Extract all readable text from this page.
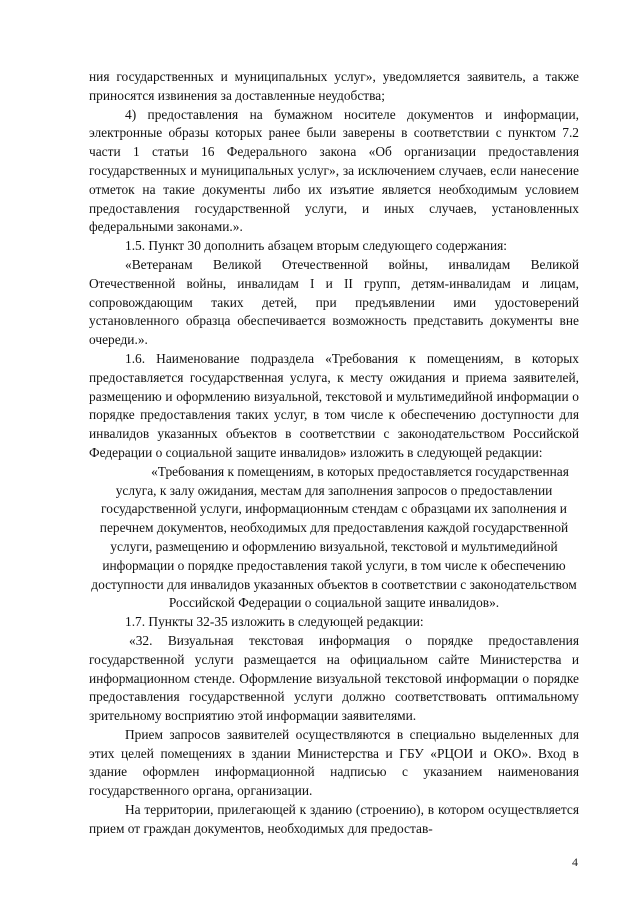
ния государственных и муниципальных услуг», уведомляется заявитель, а также приносятся извинения за доставленные неудобства;

4) предоставления на бумажном носителе документов и информации, электронные образы которых ранее были заверены в соответствии с пунктом 7.2 части 1 статьи 16 Федерального закона «Об организации предоставления государственных и муниципальных услуг», за исключением случаев, если нанесение отметок на такие документы либо их изъятие является необходимым условием предоставления государственной услуги, и иных случаев, установленных федеральными законами.».

1.5. Пункт 30 дополнить абзацем вторым следующего содержания:

«Ветеранам Великой Отечественной войны, инвалидам Великой Отечественной войны, инвалидам I и II групп, детям-инвалидам и лицам, сопровождающим таких детей, при предъявлении ими удостоверений установленного образца обеспечивается возможность представить документы вне очереди.».

1.6. Наименование подраздела «Требования к помещениям, в которых предоставляется государственная услуга, к месту ожидания и приема заявителей, размещению и оформлению визуальной, текстовой и мультимедийной информации о порядке предоставления таких услуг, в том числе к обеспечению доступности для инвалидов указанных объектов в соответствии с законодательством Российской Федерации о социальной защите инвалидов» изложить в следующей редакции:

«Требования к помещениям, в которых предоставляется государственная услуга, к залу ожидания, местам для заполнения запросов о предоставлении государственной услуги, информационным стендам с образцами их заполнения и перечнем документов, необходимых для предоставления каждой государственной услуги, размещению и оформлению визуальной, текстовой и мультимедийной информации о порядке предоставления такой услуги, в том числе к обеспечению доступности для инвалидов указанных объектов в соответствии с законодательством Российской Федерации о социальной защите инвалидов».

1.7. Пункты 32-35 изложить в следующей редакции:

«32. Визуальная текстовая информация о порядке предоставления государственной услуги размещается на официальном сайте Министерства и информационном стенде. Оформление визуальной текстовой информации о порядке предоставления государственной услуги должно соответствовать оптимальному зрительному восприятию этой информации заявителями.

Прием запросов заявителей осуществляются в специально выделенных для этих целей помещениях в здании Министерства и ГБУ «РЦОИ и ОКО». Вход в здание оформлен информационной надписью с указанием наименования государственного органа, организации.

На территории, прилегающей к зданию (строению), в котором осуществляется прием от граждан документов, необходимых для предостав-

4
